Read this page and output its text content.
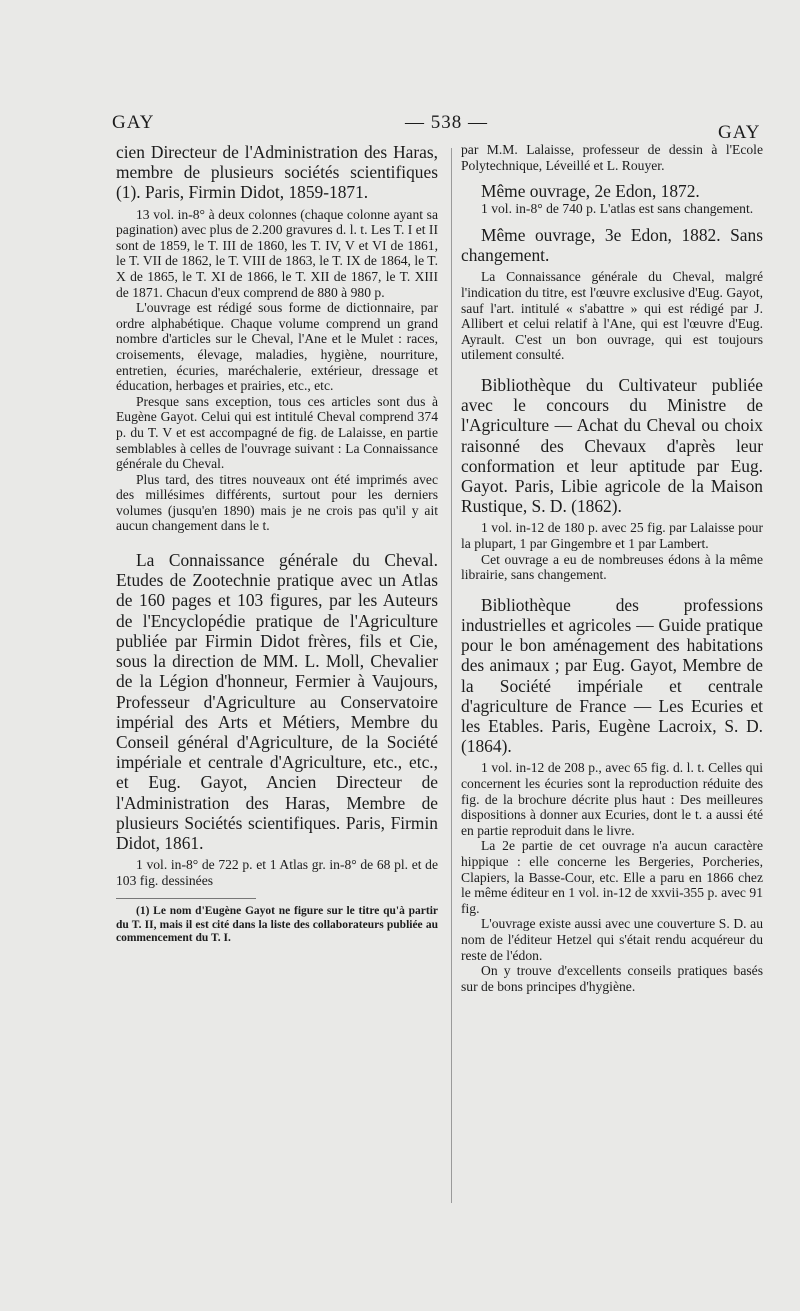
GAY	— 538 —	GAY

cien Directeur de l'Administration des Haras, membre de plusieurs sociétés scientifiques (1). Paris, Firmin Didot, 1859-1871.

13 vol. in-8° à deux colonnes (chaque colonne ayant sa pagination) avec plus de 2.200 gravures d. l. t. Les T. I et II sont de 1859, le T. III de 1860, les T. IV, V et VI de 1861, le T. VII de 1862, le T. VIII de 1863, le T. IX de 1864, le T. X de 1865, le T. XI de 1866, le T. XII de 1867, le T. XIII de 1871. Chacun d'eux comprend de 880 à 980 p.

L'ouvrage est rédigé sous forme de dictionnaire, par ordre alphabétique. Chaque volume comprend un grand nombre d'articles sur le Cheval, l'Ane et le Mulet : races, croisements, élevage, maladies, hygiène, nourriture, entretien, écuries, maréchalerie, extérieur, dressage et éducation, herbages et prairies, etc., etc.

Presque sans exception, tous ces articles sont dus à Eugène Gayot. Celui qui est intitulé Cheval comprend 374 p. du T. V et est accompagné de fig. de Lalaisse, en partie semblables à celles de l'ouvrage suivant : La Connaissance générale du Cheval.

Plus tard, des titres nouveaux ont été imprimés avec des millésimes différents, surtout pour les derniers volumes (jusqu'en 1890) mais je ne crois pas qu'il y ait aucun changement dans le t.

La Connaissance générale du Cheval. Etudes de Zootechnie pratique avec un Atlas de 160 pages et 103 figures, par les Auteurs de l'Encyclopédie pratique de l'Agriculture publiée par Firmin Didot frères, fils et Cie, sous la direction de MM. L. Moll, Chevalier de la Légion d'honneur, Fermier à Vaujours, Professeur d'Agriculture au Conservatoire impérial des Arts et Métiers, Membre du Conseil général d'Agriculture, de la Société impériale et centrale d'Agriculture, etc., etc., et Eug. Gayot, Ancien Directeur de l'Administration des Haras, Membre de plusieurs Sociétés scientifiques. Paris, Firmin Didot, 1861.

1 vol. in-8° de 722 p. et 1 Atlas gr. in-8° de 68 pl. et de 103 fig. dessinées

(1) Le nom d'Eugène Gayot ne figure sur le titre qu'à partir du T. II, mais il est cité dans la liste des collaborateurs publiée au commencement du T. I.

par M.M. Lalaisse, professeur de dessin à l'Ecole Polytechnique, Léveillé et L. Rouyer.

Même ouvrage, 2e Edon, 1872.

1 vol. in-8° de 740 p. L'atlas est sans changement.

Même ouvrage, 3e Edon, 1882. Sans changement.

La Connaissance générale du Cheval, malgré l'indication du titre, est l'œuvre exclusive d'Eug. Gayot, sauf l'art. intitulé « s'abattre » qui est rédigé par J. Allibert et celui relatif à l'Ane, qui est l'œuvre d'Eug. Ayrault. C'est un bon ouvrage, qui est toujours utilement consulté.

Bibliothèque du Cultivateur publiée avec le concours du Ministre de l'Agriculture — Achat du Cheval ou choix raisonné des Chevaux d'après leur conformation et leur aptitude par Eug. Gayot. Paris, Libie agricole de la Maison Rustique, S. D. (1862).

1 vol. in-12 de 180 p. avec 25 fig. par Lalaisse pour la plupart, 1 par Gingembre et 1 par Lambert.

Cet ouvrage a eu de nombreuses édons à la même librairie, sans changement.

Bibliothèque des professions industrielles et agricoles — Guide pratique pour le bon aménagement des habitations des animaux ; par Eug. Gayot, Membre de la Société impériale et centrale d'agriculture de France — Les Ecuries et les Etables. Paris, Eugène Lacroix, S. D. (1864).

1 vol. in-12 de 208 p., avec 65 fig. d. l. t. Celles qui concernent les écuries sont la reproduction réduite des fig. de la brochure décrite plus haut : Des meilleures dispositions à donner aux Ecuries, dont le t. a aussi été en partie reproduit dans le livre.

La 2e partie de cet ouvrage n'a aucun caractère hippique : elle concerne les Bergeries, Porcheries, Clapiers, la Basse-Cour, etc. Elle a paru en 1866 chez le même éditeur en 1 vol. in-12 de xxvii-355 p. avec 91 fig.

L'ouvrage existe aussi avec une couverture S. D. au nom de l'éditeur Hetzel qui s'était rendu acquéreur du reste de l'édon.

On y trouve d'excellents conseils pratiques basés sur de bons principes d'hygiène.
